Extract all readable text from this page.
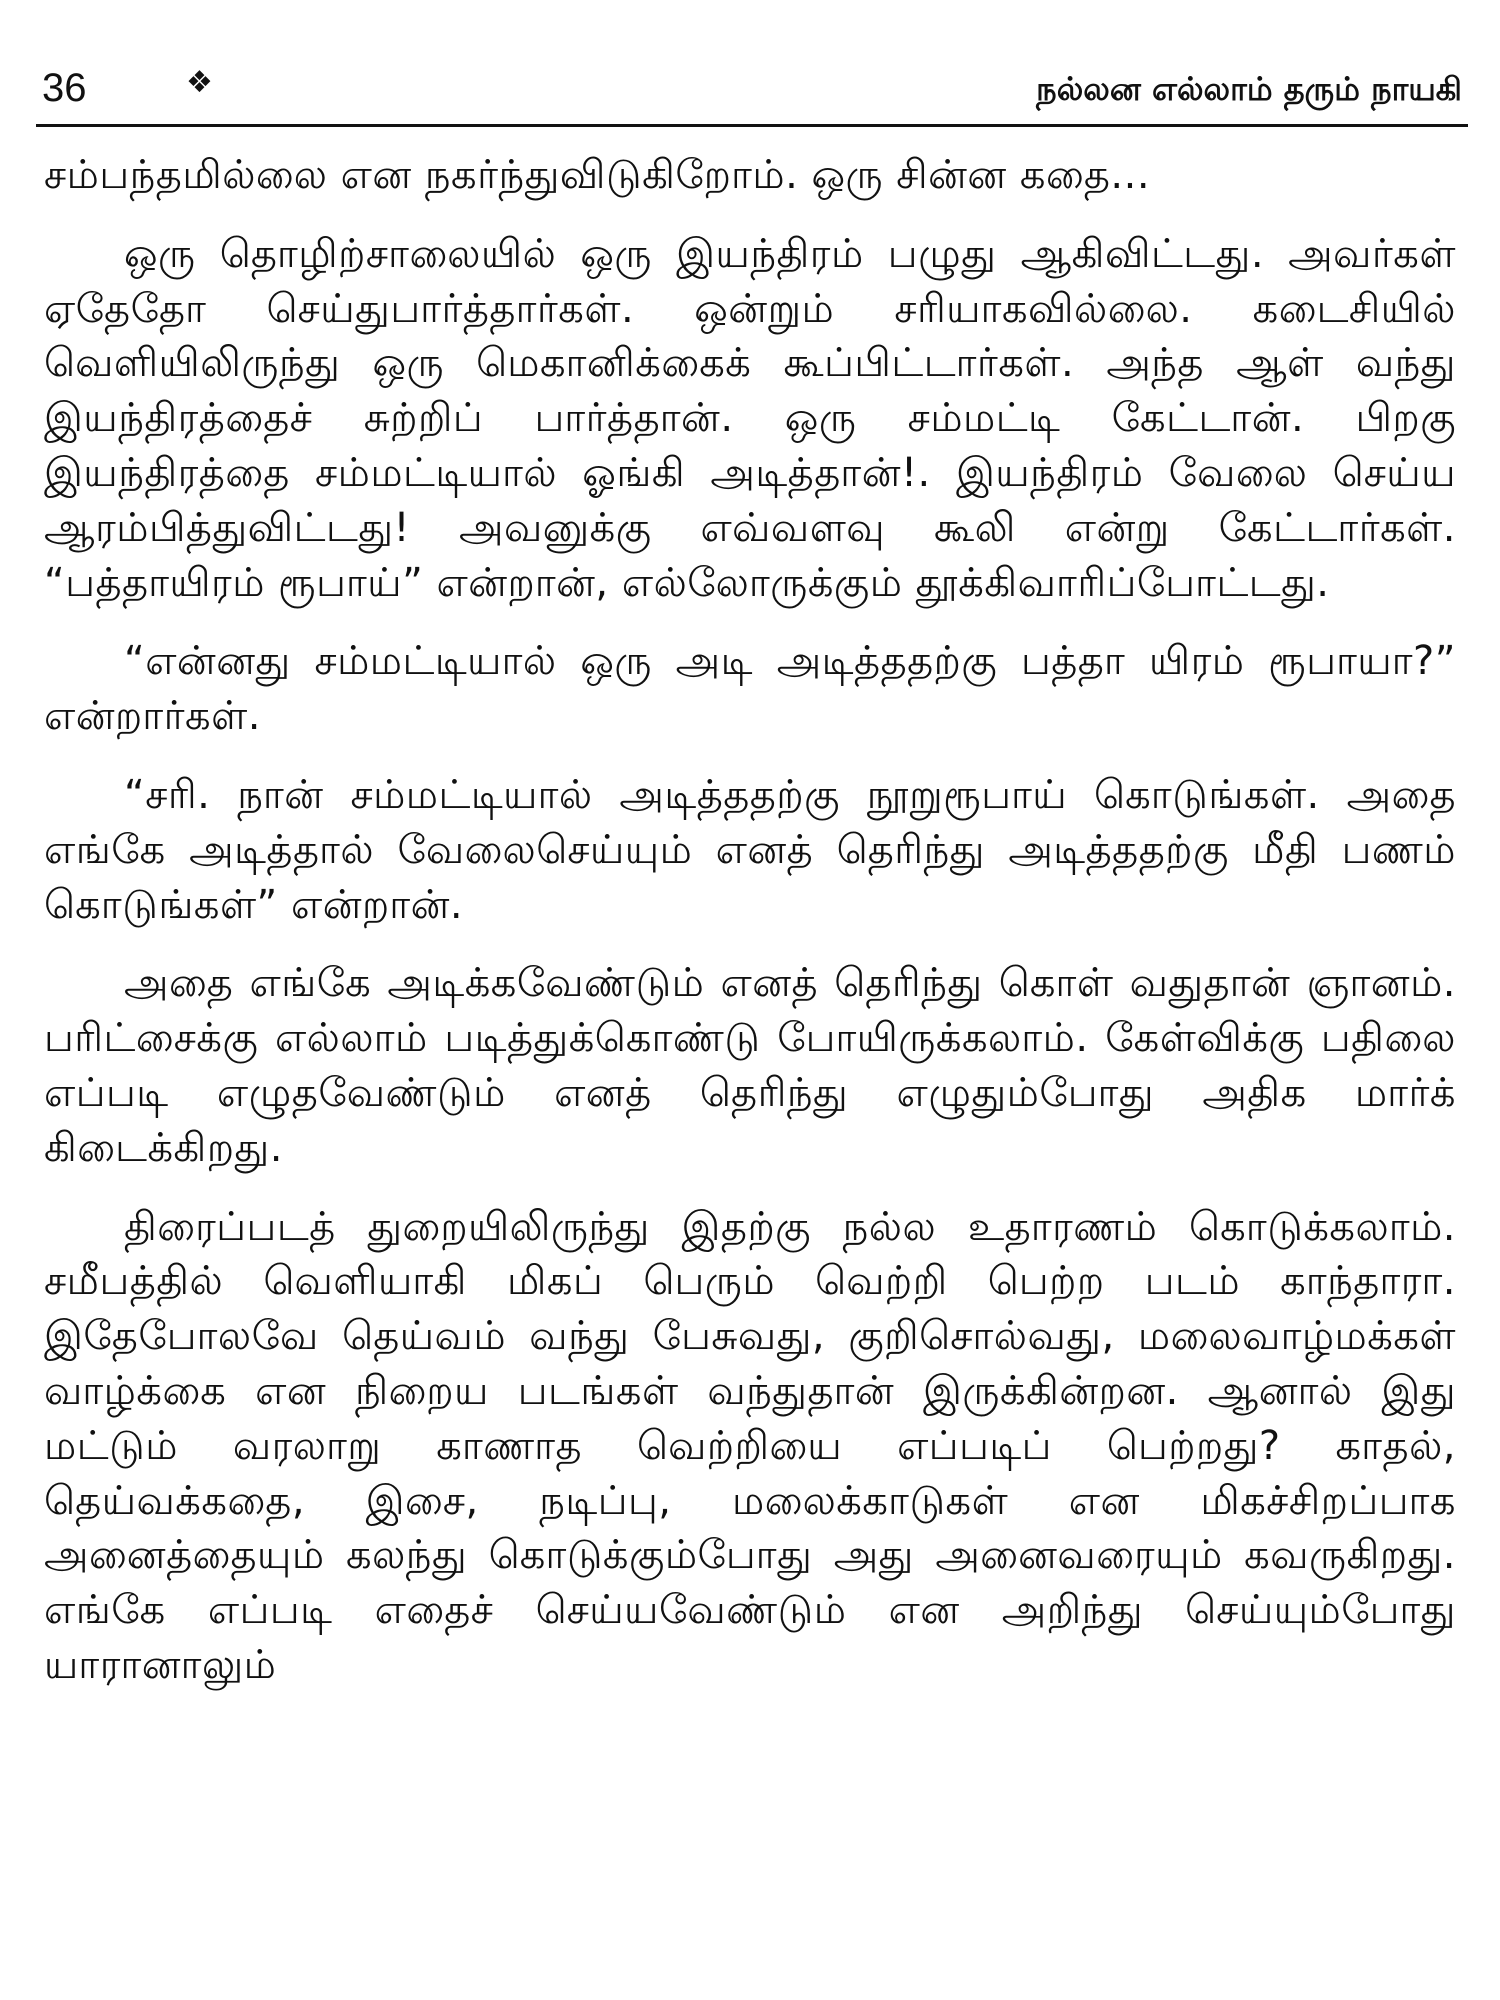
36	❖	நல்லன எல்லாம் தரும் நாயகி

சம்பந்தமில்லை என நகர்ந்துவிடுகிறோம். ஒரு சின்ன கதை...

ஒரு தொழிற்சாலையில் ஒரு இயந்திரம் பழுது ஆகிவிட்டது. அவர்கள் ஏதேதோ செய்துபார்த்தார்கள். ஒன்றும் சரியாகவில்லை. கடைசியில் வெளியிலிருந்து ஒரு மெகானிக்கைக் கூப்பிட்டார்கள். அந்த ஆள் வந்து இயந்திரத்தைச் சுற்றிப் பார்த்தான். ஒரு சம்மட்டி கேட்டான். பிறகு இயந்திரத்தை சம்மட்டியால் ஓங்கி அடித்தான்!. இயந்திரம் வேலை செய்ய ஆரம்பித்துவிட்டது! அவனுக்கு எவ்வளவு கூலி என்று கேட்டார்கள். “பத்தாயிரம் ரூபாய்” என்றான், எல்லோருக்கும் தூக்கிவாரிப்போட்டது.

“என்னது சம்மட்டியால் ஒரு அடி அடித்ததற்கு பத்தா யிரம் ரூபாயா?” என்றார்கள்.

“சரி. நான் சம்மட்டியால் அடித்ததற்கு நூறுரூபாய் கொடுங்கள். அதை எங்கே அடித்தால் வேலைசெய்யும் எனத் தெரிந்து அடித்ததற்கு மீதி பணம் கொடுங்கள்” என்றான்.

அதை எங்கே அடிக்கவேண்டும் எனத் தெரிந்து கொள் வதுதான் ஞானம். பரிட்சைக்கு எல்லாம் படித்துக்கொண்டு போயிருக்கலாம். கேள்விக்கு பதிலை எப்படி எழுதவேண்டும் எனத் தெரிந்து எழுதும்போது அதிக மார்க் கிடைக்கிறது.

திரைப்படத் துறையிலிருந்து இதற்கு நல்ல உதாரணம் கொடுக்கலாம். சமீபத்தில் வெளியாகி மிகப் பெரும் வெற்றி பெற்ற படம் காந்தாரா. இதேபோலவே தெய்வம் வந்து பேசுவது, குறிசொல்வது, மலைவாழ்மக்கள் வாழ்க்கை என நிறைய படங்கள் வந்துதான் இருக்கின்றன. ஆனால் இது மட்டும் வரலாறு காணாத வெற்றியை எப்படிப் பெற்றது? காதல், தெய்வக்கதை, இசை, நடிப்பு, மலைக்காடுகள் என மிகச்சிறப்பாக அனைத்தையும் கலந்து கொடுக்கும்போது அது அனைவரையும் கவருகிறது. எங்கே எப்படி எதைச் செய்யவேண்டும் என அறிந்து செய்யும்போது யாரானாலும்
